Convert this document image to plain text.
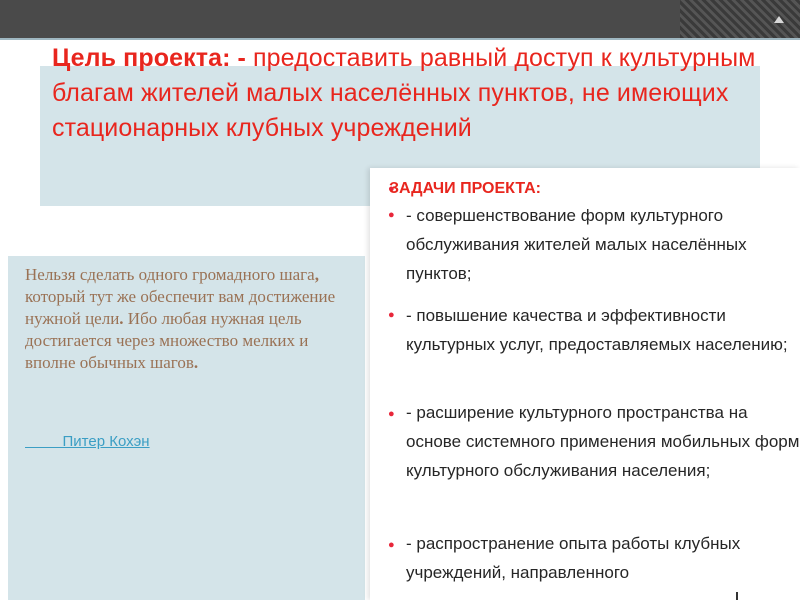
Цель проекта: - предоставить равный доступ к культурным благам жителей малых населённых пунктов, не имеющих стационарных клубных учреждений

Нельзя сделать одного громадного шага, который тут же обеспечит вам достижение нужной цели. Ибо любая нужная цель достигается через множество мелких и вполне обычных шагов.

Питер Кохэн
●
ЗАДАЧИ ПРОЕКТА:
●

- совершенствование форм культурного обслуживания жителей малых населённых пунктов;

●

- повышение качества и эффективности культурных услуг, предоставляемых населению;

●

- расширение культурного пространства на основе системного применения мобильных форм культурного обслуживания населения;

●

- распространение опыта работы клубных учреждений, направленного
